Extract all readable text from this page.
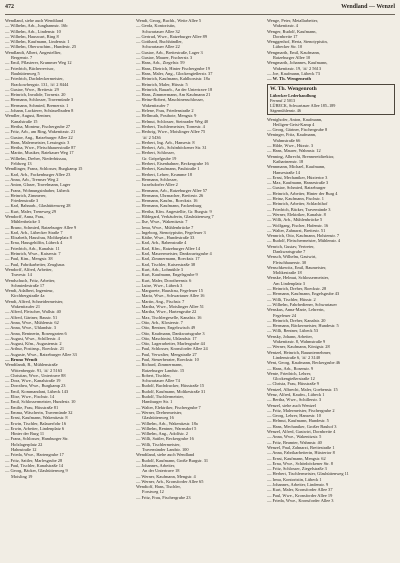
472	Wendland — Wenzel
Wendland, siehe auch Wendtland
— Wilhelm, Arb., Junghannstr. 16b
— Wilhelm, Arb., Lindenstr. 10
— Wilhelm, Hauswart, Ring 8
— Wilhelm, Kaufmann, Lindenstr. 1
— Wilhelm, Oberwachtm., Hundestr. 25
Wendlandt, Albert, Angestellter,
Bergenstr. 7
— Emil, Pflasterer, Krummer Weg 12
— Friedrich, Bücherrevisor,
Bauhüttenweg 5
— Friedrich, Dachdeckermeister,
Brackowbergstr. 131, ☏ 2 8444
— Gustav, Wwe., Breitestr. 29
— Heinrich, Invalide, Tornestr. 20
— Hermann, Schlosser, Travemünde 3
— Hermann, Schmied, Bremerstr. 1
— Johann, Lackierer, Schüsselbuden 8
Wendler, August, Rentner,
Kanalstraße 15
— Hertha, Monteur, Fischergrube 27
— Fritz, Arb., am Ring, Wakenitzstr. 21
— Gustav, Ang., Ratzeburger Allee 22
— Hans, Malermeister, Lessingstr. 3
— Hertha, Wwe., Fleischhauerstraße 87
— Martin, Musiker, Ratekauer Weg 17
— Wilhelm, Dreher, Niederbüssau,
Feldweg 13
Wendlinger, Franz, Schlosser, Burgkamp 15
— Karl, Arb., Fackenburger Allee 23
— Anna, Arb., Tremser Weg 2
— Anton, Glaser, Travelmann, Lager
— Franz, Wohnungsinhaber, Lübeck
— Heinrich, Zimmerer,
Friedenstraße 3
— Karl, Bahnarb., Glashüttenweg 28
— Kurt, Maler, Treneweg 29
Wendorff, Anna, Frau,
Mühlenbrücke 3
— Bruno, Schmied, Ratzeburger Allee 9
— Karl, Arb., Lübecker Straße 7
— Elisabeth, Hausfrau, Moltkeplatz 8
— Erna, Hausgehilfin, Lübeck 4
— Friedrich, Arb., Kanalstr. 11
— Heinrich, Wwe., Kaiserstr. 7
— Paul, Kim., Mengstr. 38
— Paul, Fabrikarbeiter, Zeughaus
Wendorff, Alfred, Arbeiter,
Travestr. 14
Wendschuch, Fritz, Arbeiter,
Schmiedestraße 17
Wendt, Adalbert, Ingenieur,
Kirchbergstraße 4a
Wendt, Alfred, Schneidermeister,
Wakenitzufer 21
— Alfred, Fleischer, Wallstr. 40
— Alfred, Gärtner, Baustr. 51
— Anna, Wwe., Mühlenstr. 62
— Anna, Wwe., Uhlandstr. 3
— Anna, Rentnerin, Rosengarten 6
— August, Wwe., Schillerstr. 4
— August, Kfm., Augustenstr. 2
— Arthur, Postinsp., Roeckstr. 21
— Auguste, Wwe., Ratzeburger Allee 33
— Bruno Wendt
Wendtlandt, B., Mühlenstraße
Wittenbergstr. 91, ☏ 2 5163
— Christian, Wwe., Untertrave 88
— Dora, Wwe., Kanalstraße 19
— Dorothea, Wwe., Burgkamp 23
— Emil, Kommandant, Lübeck 143
— Elise, Wwe., Fischstr. 14
— Emil, Schlossermeister, Hundestr. 10
— Emilie, Frau, Hüxstraße 81
— Emma, Wäscherin, Travemünde 32
— Ernst, Kaufmann, Wakenitzstr. 8
— Erwin, Tischler, Balauerfohr 16
— Erwin, Arbeiter, Lindenplatz 6
Hinter der Burg 11
— Franz, Schlosser, Hamburger Str.
Holzlagerplatz 22
Hahnstraße 12
— Frieda, Wwe., Hartengrube 17
— Fritz, Sattler, Marlesgrube 28
— Paul, Tischler, Kanalstraße 14
— Georg, Bäcker, Glashüttenweg 9
Moisling 19
Wendt, Georg, Buchh., Weite Allee 5
— Gerda, Kontoristin,
Schwartauer Allee 32
— Gertrud, Wwe., Ratzeburger Allee 89
— Gotthard, Buchhändler,
Schwartauer Allee 22
— Gustav, Arb., Breitestraße, Lager 3
— Gustav, Maurer, Fischerstr. 3
— Hans, Arb., Ziegelstr. 59
— Hans, Dietrich, Hinter Fischergrube 19
— Hans, Maler, Ang., Glockengießerstr. 37
— Heinrich, Kaufmann, Kahlhorststr. 18a
— Heinrich, Maler, Hüxstr. 5
— Heinrich, Bauarb., An der Untertrave 18
— Hans, Zimmermann, Am Kaufmann 21
— Heinz-Robert, Maschinenschlosser,
Wakenitzufer 7
— Helene, Frau, Friedenstraße 2
— Hellmuth, Postbote, Mengstr. 9
— Helmut, Schlosser, Steinrader Weg 40
— Herbert, Tischlermeister, Tornestr. 4
— Hedwig, Wwe., Moislinger Allee 75
☏ 2 5436
— Herbert, Ing. Arb., Hansestr. 8
— Herbert, Arb., Schönböckener Str. 31
— Herbert, Schlosser,
Gr. Gröpelgrube 19
— Herbert, Eisenbahner, Beckergrube 16
— Herbert, Kaufmann, Paulstraße 1
— Herbert, Lehrer, Krumme 18
— Hermann, Schlosser,
Israelsdorfer Allee 2
— Hermann, Arb., Ratzeburger Allee 57
— Hermann, Uhrmacher, Breitestr. 26
— Hermann, Kaufm., Roeckstr. 16
— Hermann, Kaufmann, Fackenburg
— Hertha, Kfm. Angestellte, Gr. Burgstr. 9
— Hildegard, Verkäuferin, Glashüttenweg 7
— Ilse, Wwe., Wakenitzstr. 7
— Irma, Wwe., Mühlenbrücke 7
— Ingeborg, Stenotypistin, Fegefeuer 3
— Käthe, Wwe., Hundestraße 33
— Karl, Arb., Rabenstraße 4
— Karl, Kfm., Ratzeburger Allee 14
— Karl, Maurermeister, Dankwartsgrube 4
— Karl, Zimmermann, Roeckstr. 17
— Karl, Tischler, Kaiserstraße 38
— Kurt, Arb., Lohmühle 3
— Kurt, Kaufmann, Engelsgrube 9
— Kurt, Maler, Dorotheenstr. 6
— Luise, Wwe., Lübeck 3
— Margarete, Hausfrau, Fegefeuer 15
— Maria, Wwe., Schwartauer Allee 16
— Martin, Ang., Fischstr. 7
— Martha, Wwe., Moislinger Allee 51
— Martha, Wwe., Hartengrube 22
— Max, Tischlergeselle, Kanalstr. 16
— Otto, Arb., Klosterstr. 7
— Otto, Rentner, Engelswisch 49
— Otto, Kaufmann, Dankwartsgrube 3
— Otto, Maschinist, Uhlandstr. 17
— Otto, Lagerarbeiter, Marlesgrube 44
— Paul, Schlosser, Kronsforder Allee 24
— Paul, Verwalter, Mengstraße 27
— Paul, Steuerberater, Roeckstr. 10
— Richard, Zimmermann,
Ratzeburger Landstr. 15
— Robert, Tischler,
Schwartauer Allee 74
— Rudolf, Buchdrucker, Hüxstraße 15
— Rudolf, Kaufmann, Moltkestraße 31
— Rudolf, Tischlermeister,
Hamburger Str. 1
— Walter, Elektriker, Fischergrube 7
— Werner, Drehermeister,
Glashüttenweg 16
— Wilhelm, Arb., Wakenitzstr. 18a
— Wilhelm, Rentner, Warnsdorf 5
— Wilhelm, Ang., Adolfstr. 2
— Willi, Sattler, Beckergrube 16
— Willi, Tischlermeister,
Travemünder Landstr. 100
Wendtland, siehe auch Wendland
— Rudolf, Kaufmann, Große Burgstr. 31
— Johannes, Arbeiter,
An der Untertrave 18
— Werner, Kaufmann, Mengstr. 4
— Werner, Arb., Kronsforder Allee 65
Wendtoff, Hans, Tischler,
Forstweg 12
— Fritz, Frau, Fischergrube 23
Wenge, Peter, Metallarbeiter,
Wakenitzstr. 4
Wenger, Rudolf, Kaufmann,
Dornbreite 17
Wenggenhof, Herta, Stenotypistin,
Lübecker Str. 10
Wengmarth, Emil, Kaufmann,
Ratzeburger Allee 10
Wengmarth, Johannes, Kaufmann,
Wakenitzstr. 19, ☏ 2 5613
— Joe, Kaufmann, Lübeck 73
— W. Th. Wengenroth
W. Th. Wengenroth
Lübecker Lederhandlung
Fernruf 2 5013
LÜBECK, Schwartauer Allee 185–189
Sägemühlenstr. 46
Wenighofer, Anton, Kaufmann,
Heiligen-Geist-Kamp 4
— Georg, Gärtner, Fischergrube 8
Weninger, Fritz, Kaufmann,
Wahmstraße 66
— Hilde, Wwe., Hüxstr. 3
— Hans, Maurer, Wahmstr. 12
Wenning, Albrecht, Brennereidirektor,
Katharinenstr. 18
Wennmann, Michael, Kaufmann,
Hansestraße 14
— Ernst, Mechaniker, Hüxtertor 3
— Max, Kaufmann, Hansestraße 3
— Gustav, Schmied, Ratzeburger
— Heinrich, Arbeiter, Hinter der Burg 4
— Heinz, Kaufmann, Fischstr. 1
— Heinrich, Arbeiter, Schlachthof
— Friedrich, Bäcker, Travemünde 3
— Werner, Elektriker, Kanalstr. 8
— Willi, Arb., Mühlenbrücke 5
— Wolfgang, Fischer, Hafenstr. 16
— Walter, Zahnarzt, Breitestr. 51
Wennrich, Otto, Kaufmann, Holstenstr. 7
— Rudolf, Fleischermeister, Mühlenstr. 4
Wenrich, Gustav, Vertreter,
Dankwartsgrube 7
Wensch, Wilhelm, Gastwirt,
Fleischhauerstr. 30
Wenschkewitz, Emil, Baumeister,
Moltkestraße 18
Wenske, Helmut, Schlossermeister,
Am Lindenplatz 3
— Heinrich, Dreher, Roeckstr. 28
— Hermann, Kaufmann, Engelsgrube 43
— Willi, Tischler, Hüxstr. 2
— Wilhelm, Fahrbediener, Schwartauer
Wenskus, Anna-Marie, Lehrerin,
Fegefeuer 24
— Heinrich, Dreher, Kanalstr. 20
— Hermann, Bäckermeister, Hundestr. 5
— Willi, Rentner, Lübeck 53
Wensky, Johann, Arbeiter,
Wakenitzstr. 8, Wahmstraße 9
— Werner, Kaufmann, Königstr. 28
Wentzel, Heinrich, Bauunternehmer,
Lindenstraße 6, ☏ 2 3140
Went, Georg, Kaufmann, Beckergrube 46
— Hans, Arb., Rosenstr. 9
Wente, Friedrich, Lehrer,
Glockengießerstraße 12
— Christa, Frau, Hüxstraße 9
Wentzel, Albrecht, Maler, Goebenstr. 15
Wenz, Alfred, Kaufm., Lübeck 1
— Bertha, Wwe., Schillerstr. 3
Wenzel, siehe auch Wentzel
— Fritz, Malermeister, Fischergrube 2
— Georg, Lehrer, Hansestr. 10
— Helmut, Kaufmann, Hundestr. 5
— Hans, Mechaniker, Großer Bauhof 3
Wenzel, Alfred, Gastwirt, Dornbreite 4
— Anna, Wwe., Wakenitzstr. 5
— Fritz, Beamter, Wahmstr. 40
Wenzel, Paul, Zahnarzt, Breitestraße 1
— Anna, Fabrikarbeiterin, Hüxtertor 8
— Ernst, Kaufmann, Mengstr. 62
— Erna, Wwe., Schönböckener Str. 8
— Fritz, Schlosser, Ziegelstraße 3
— Herbert, Tischlermeister, Glashüttenweg 11
— Irma, Kontoristin, Lübeck 1
— Johannes, Arbeiter, Lindenstr. 9
— Kurt, Maler, Kronsforder Allee 37
— Paul, Wwe., Kronsforder Allee 19
— Frieda, Wwe., Kronsforder Allee 3
